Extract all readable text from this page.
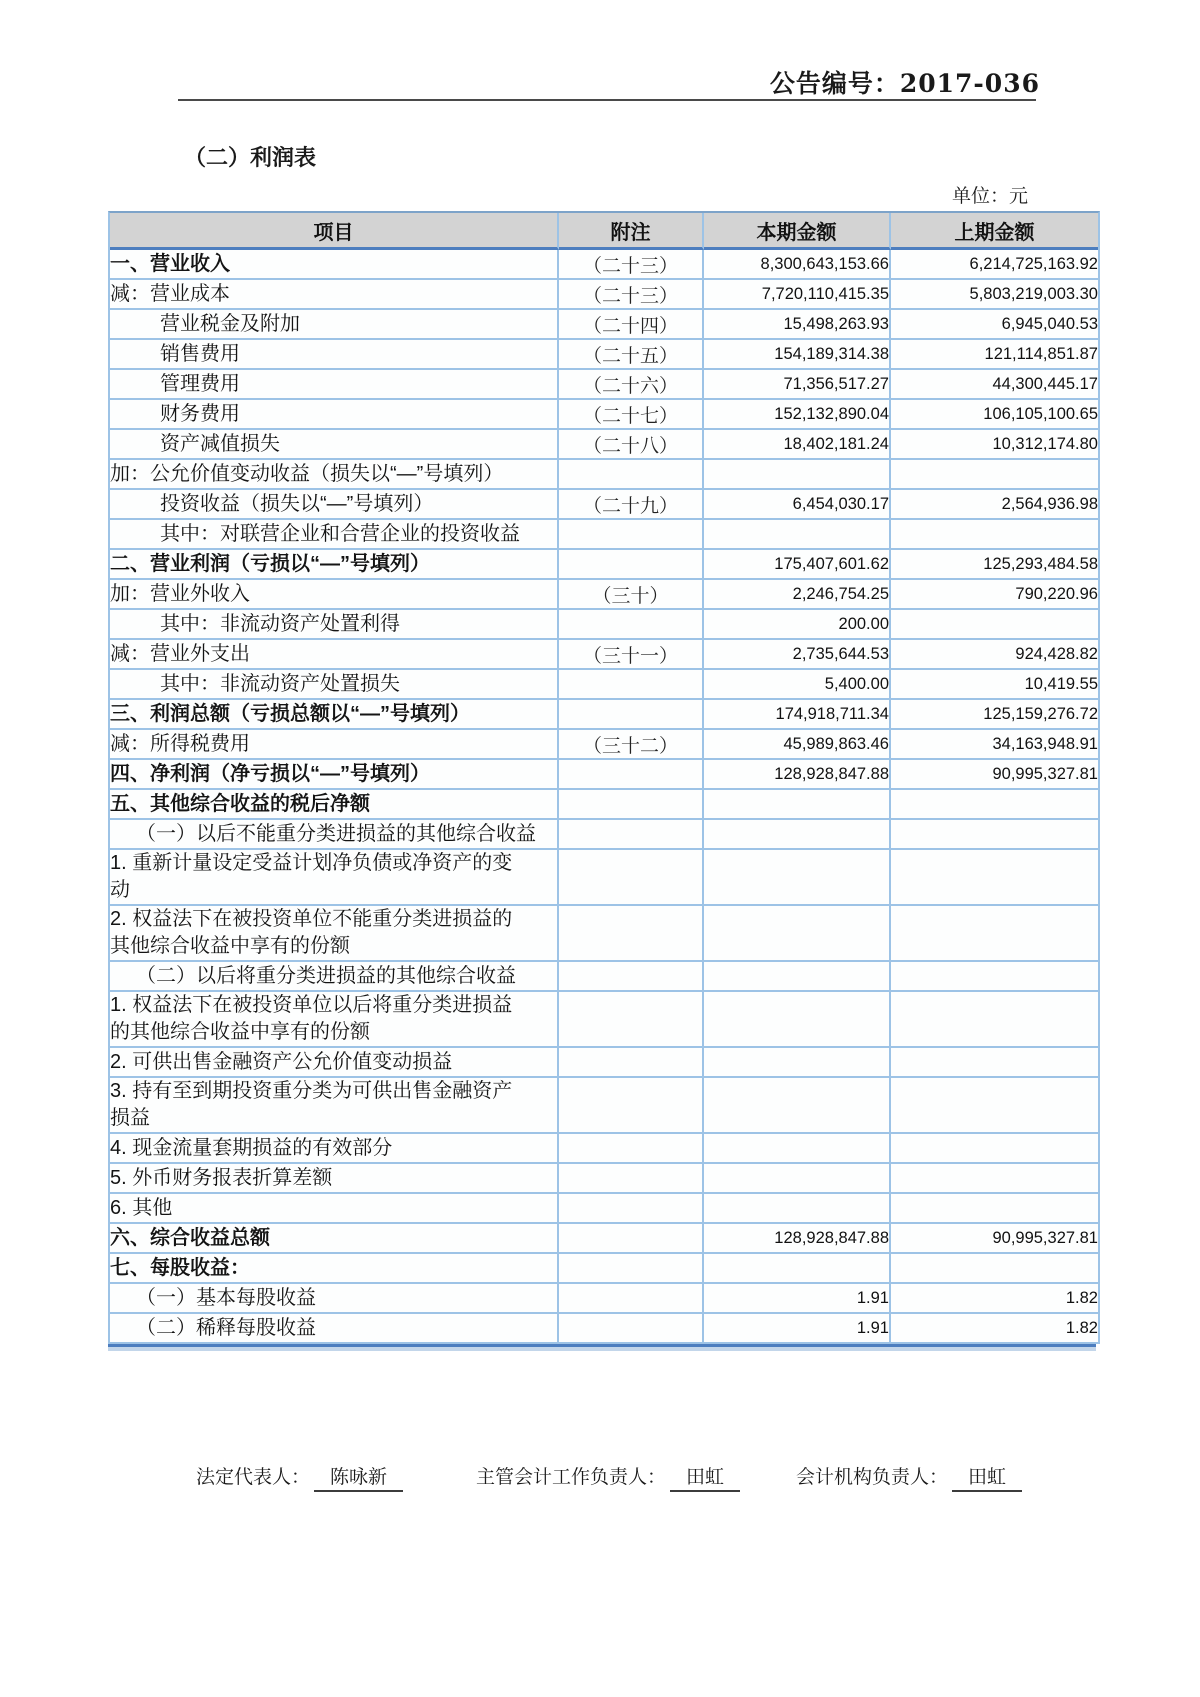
公告编号：2017-036
（二）利润表
单位：元
项目	附注	本期金额	上期金额
一、营业收入	（二十三）	8,300,643,153.66	6,214,725,163.92
减：营业成本	（二十三）	7,720,110,415.35	5,803,219,003.30
营业税金及附加	（二十四）	15,498,263.93	6,945,040.53
销售费用	（二十五）	154,189,314.38	121,114,851.87
管理费用	（二十六）	71,356,517.27	44,300,445.17
财务费用	（二十七）	152,132,890.04	106,105,100.65
资产减值损失	（二十八）	18,402,181.24	10,312,174.80
加：公允价值变动收益（损失以“—”号填列）			
投资收益（损失以“—”号填列）	（二十九）	6,454,030.17	2,564,936.98
其中：对联营企业和合营企业的投资收益			
二、营业利润（亏损以“—”号填列）		175,407,601.62	125,293,484.58
加：营业外收入	（三十）	2,246,754.25	790,220.96
其中：非流动资产处置利得		200.00	
减：营业外支出	（三十一）	2,735,644.53	924,428.82
其中：非流动资产处置损失		5,400.00	10,419.55
三、利润总额（亏损总额以“—”号填列）		174,918,711.34	125,159,276.72
减：所得税费用	（三十二）	45,989,863.46	34,163,948.91
四、净利润（净亏损以“—”号填列）		128,928,847.88	90,995,327.81
五、其他综合收益的税后净额			
（一）以后不能重分类进损益的其他综合收益			
1. 重新计量设定受益计划净负债或净资产的变
动			

2. 权益法下在被投资单位不能重分类进损益的
其他综合收益中享有的份额			

（二）以后将重分类进损益的其他综合收益			
1. 权益法下在被投资单位以后将重分类进损益
的其他综合收益中享有的份额			

2. 可供出售金融资产公允价值变动损益			
3. 持有至到期投资重分类为可供出售金融资产
损益			

4. 现金流量套期损益的有效部分			
5. 外币财务报表折算差额			
6. 其他			
六、综合收益总额		128,928,847.88	90,995,327.81
七、每股收益：			
（一）基本每股收益		1.91	1.82
（二）稀释每股收益		1.91	1.82
法定代表人： 陈咏新	主管会计工作负责人： 田虹	会计机构负责人： 田虹
